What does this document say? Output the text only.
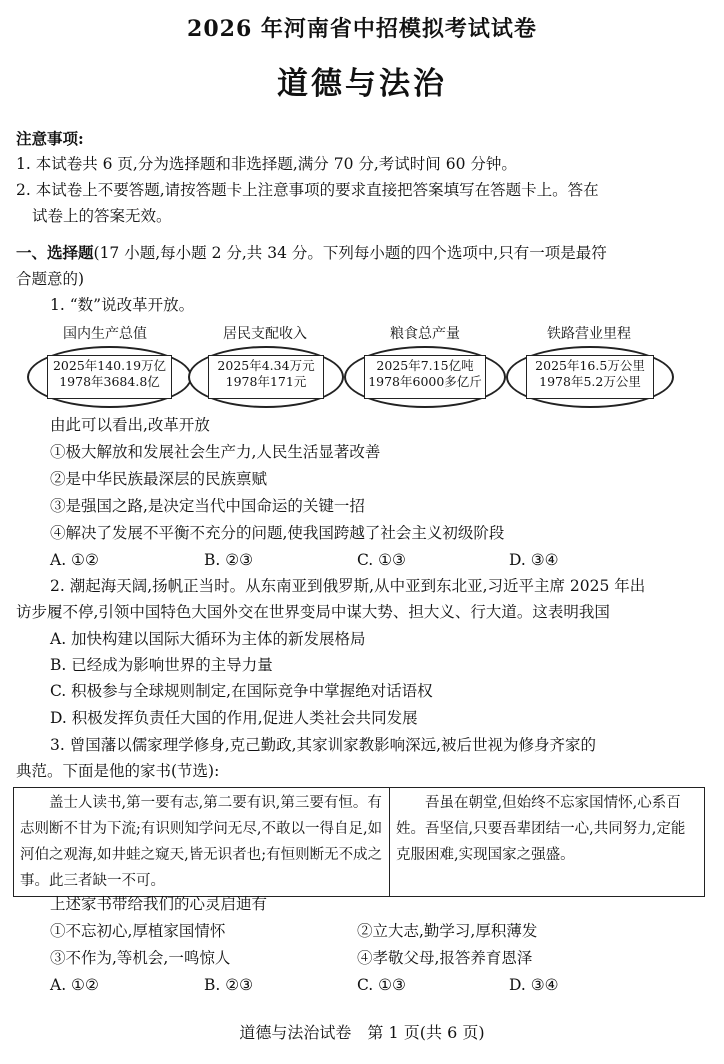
2026 年河南省中招模拟考试试卷
道德与法治
注意事项:
1. 本试卷共 6 页,分为选择题和非选择题,满分 70 分,考试时间 60 分钟。
2. 本试卷上不要答题,请按答题卡上注意事项的要求直接把答案填写在答题卡上。答在
试卷上的答案无效。
一、选择题(17 小题,每小题 2 分,共 34 分。下列每小题的四个选项中,只有一项是最符
合题意的)
1. “数”说改革开放。
国内生产总值	居民支配收入	粮食总产量	铁路营业里程
2025年140.19万亿
1978年3684.8亿
2025年4.34万元
1978年171元
2025年7.15亿吨
1978年6000多亿斤
2025年16.5万公里
1978年5.2万公里
由此可以看出,改革开放
①极大解放和发展社会生产力,人民生活显著改善
②是中华民族最深层的民族禀赋
③是强国之路,是决定当代中国命运的关键一招
④解决了发展不平衡不充分的问题,使我国跨越了社会主义初级阶段
A. ①②	B. ②③	C. ①③	D. ③④
2. 潮起海天阔,扬帆正当时。从东南亚到俄罗斯,从中亚到东北亚,习近平主席 2025 年出
访步履不停,引领中国特色大国外交在世界变局中谋大势、担大义、行大道。这表明我国
A. 加快构建以国际大循环为主体的新发展格局
B. 已经成为影响世界的主导力量
C. 积极参与全球规则制定,在国际竞争中掌握绝对话语权
D. 积极发挥负责任大国的作用,促进人类社会共同发展
3. 曾国藩以儒家理学修身,克己勤政,其家训家教影响深远,被后世视为修身齐家的
典范。下面是他的家书(节选):
　　盖士人读书,第一要有志,第二要有识,第三要有恒。有志则断不甘为下流;有识则知学问无尽,不敢以一得自足,如河伯之观海,如井蛙之窥天,皆无识者也;有恒则断无不成之事。此三者缺一不可。
　　吾虽在朝堂,但始终不忘家国情怀,心系百姓。吾坚信,只要吾辈团结一心,共同努力,定能克服困难,实现国家之强盛。
上述家书带给我们的心灵启迪有
①不忘初心,厚植家国情怀	②立大志,勤学习,厚积薄发
③不作为,等机会,一鸣惊人	④孝敬父母,报答养育恩泽
A. ①②	B. ②③	C. ①③	D. ③④
道德与法治试卷　第 1 页(共 6 页)
